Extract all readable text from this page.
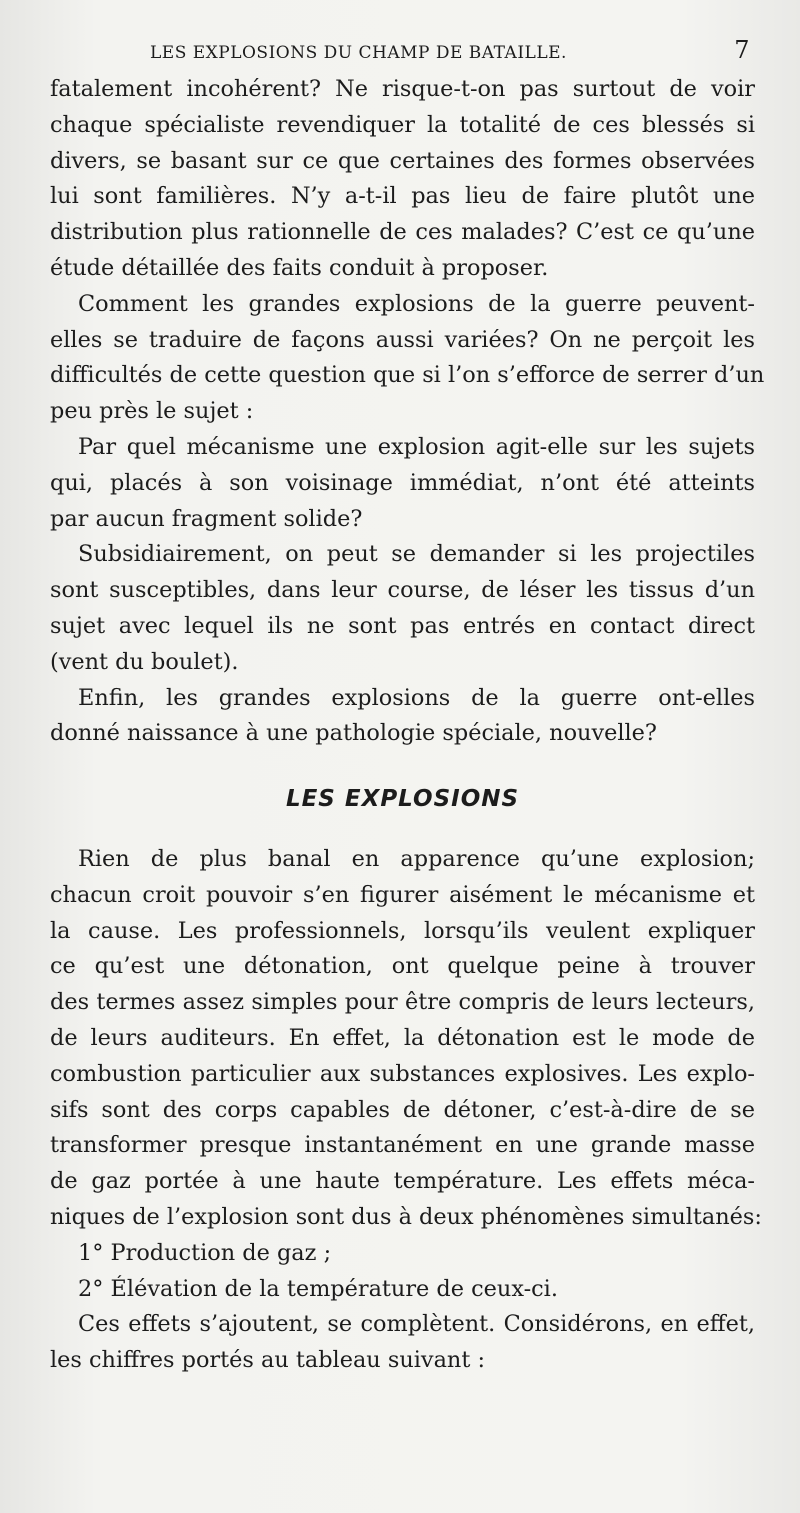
LES EXPLOSIONS DU CHAMP DE BATAILLE.	7
fatalement incohérent? Ne risque-t-on pas surtout de voir
chaque spécialiste revendiquer la totalité de ces blessés si
divers, se basant sur ce que certaines des formes observées
lui sont familières. N’y a-t-il pas lieu de faire plutôt une
distribution plus rationnelle de ces malades? C’est ce qu’une
étude détaillée des faits conduit à proposer.
Comment les grandes explosions de la guerre peuvent-
elles se traduire de façons aussi variées? On ne perçoit les
difficultés de cette question que si l’on s’efforce de serrer d’un
peu près le sujet :
Par quel mécanisme une explosion agit-elle sur les sujets
qui, placés à son voisinage immédiat, n’ont été atteints
par aucun fragment solide?
Subsidiairement, on peut se demander si les projectiles
sont susceptibles, dans leur course, de léser les tissus d’un
sujet avec lequel ils ne sont pas entrés en contact direct
(vent du boulet).
Enfin, les grandes explosions de la guerre ont-elles
donné naissance à une pathologie spéciale, nouvelle?
LES EXPLOSIONS
Rien de plus banal en apparence qu’une explosion;
chacun croit pouvoir s’en figurer aisément le mécanisme et
la cause. Les professionnels, lorsqu’ils veulent expliquer
ce qu’est une détonation, ont quelque peine à trouver
des termes assez simples pour être compris de leurs lecteurs,
de leurs auditeurs. En effet, la détonation est le mode de
combustion particulier aux substances explosives. Les explo-
sifs sont des corps capables de détoner, c’est-à-dire de se
transformer presque instantanément en une grande masse
de gaz portée à une haute température. Les effets méca-
niques de l’explosion sont dus à deux phénomènes simultanés:
1° Production de gaz ;
2° Élévation de la température de ceux-ci.
Ces effets s’ajoutent, se complètent. Considérons, en effet,
les chiffres portés au tableau suivant :
